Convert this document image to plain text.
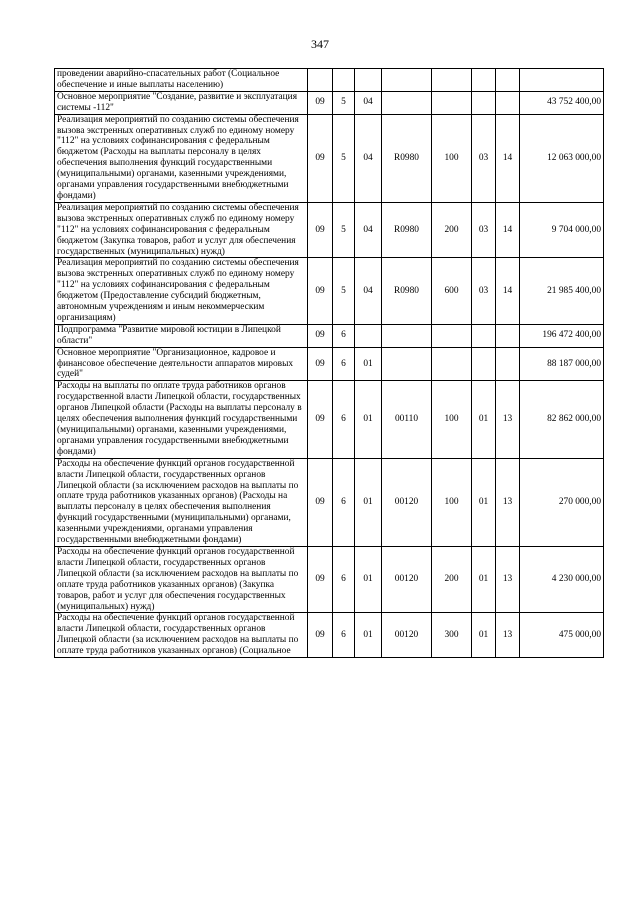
347
проведении аварийно-спасательных работ (Социальное обеспечение и иные выплаты населению)								
Основное мероприятие "Создание, развитие и эксплуатация системы -112"	09	5	04					43 752 400,00
Реализация мероприятий по созданию системы обеспечения вызова экстренных оперативных служб по единому номеру "112" на условиях софинансирования с федеральным бюджетом (Расходы на выплаты персоналу в целях обеспечения выполнения функций государственными (муниципальными) органами, казенными учреждениями, органами управления государственными внебюджетными фондами)	09	5	04	R0980	100	03	14	12 063 000,00
Реализация мероприятий по созданию системы обеспечения вызова экстренных оперативных служб по единому номеру "112" на условиях софинансирования с федеральным бюджетом (Закупка товаров, работ и услуг для обеспечения государственных (муниципальных) нужд)	09	5	04	R0980	200	03	14	9 704 000,00
Реализация мероприятий по созданию системы обеспечения вызова экстренных оперативных служб по единому номеру "112" на условиях софинансирования с федеральным бюджетом (Предоставление субсидий бюджетным, автономным учреждениям и иным некоммерческим организациям)	09	5	04	R0980	600	03	14	21 985 400,00
Подпрограмма "Развитие мировой юстиции в Липецкой области"	09	6						196 472 400,00
Основное мероприятие "Организационное, кадровое и финансовое обеспечение деятельности аппаратов мировых судей"	09	6	01					88 187 000,00
Расходы на выплаты по оплате труда работников органов государственной власти Липецкой области, государственных органов Липецкой области (Расходы на выплаты персоналу в целях обеспечения выполнения функций государственными (муниципальными) органами, казенными учреждениями, органами управления государственными внебюджетными фондами)	09	6	01	00110	100	01	13	82 862 000,00
Расходы на обеспечение функций органов государственной власти Липецкой области, государственных органов Липецкой области (за исключением расходов на выплаты по оплате труда работников указанных органов) (Расходы на выплаты персоналу в целях обеспечения выполнения функций государственными (муниципальными) органами, казенными учреждениями, органами управления государственными внебюджетными фондами)	09	6	01	00120	100	01	13	270 000,00
Расходы на обеспечение функций органов государственной власти Липецкой области, государственных органов Липецкой области (за исключением расходов на выплаты по оплате труда работников указанных органов) (Закупка товаров, работ и услуг для обеспечения государственных (муниципальных) нужд)	09	6	01	00120	200	01	13	4 230 000,00
Расходы на обеспечение функций органов государственной власти Липецкой области, государственных органов Липецкой области (за исключением расходов на выплаты по оплате труда работников указанных органов) (Социальное	09	6	01	00120	300	01	13	475 000,00
